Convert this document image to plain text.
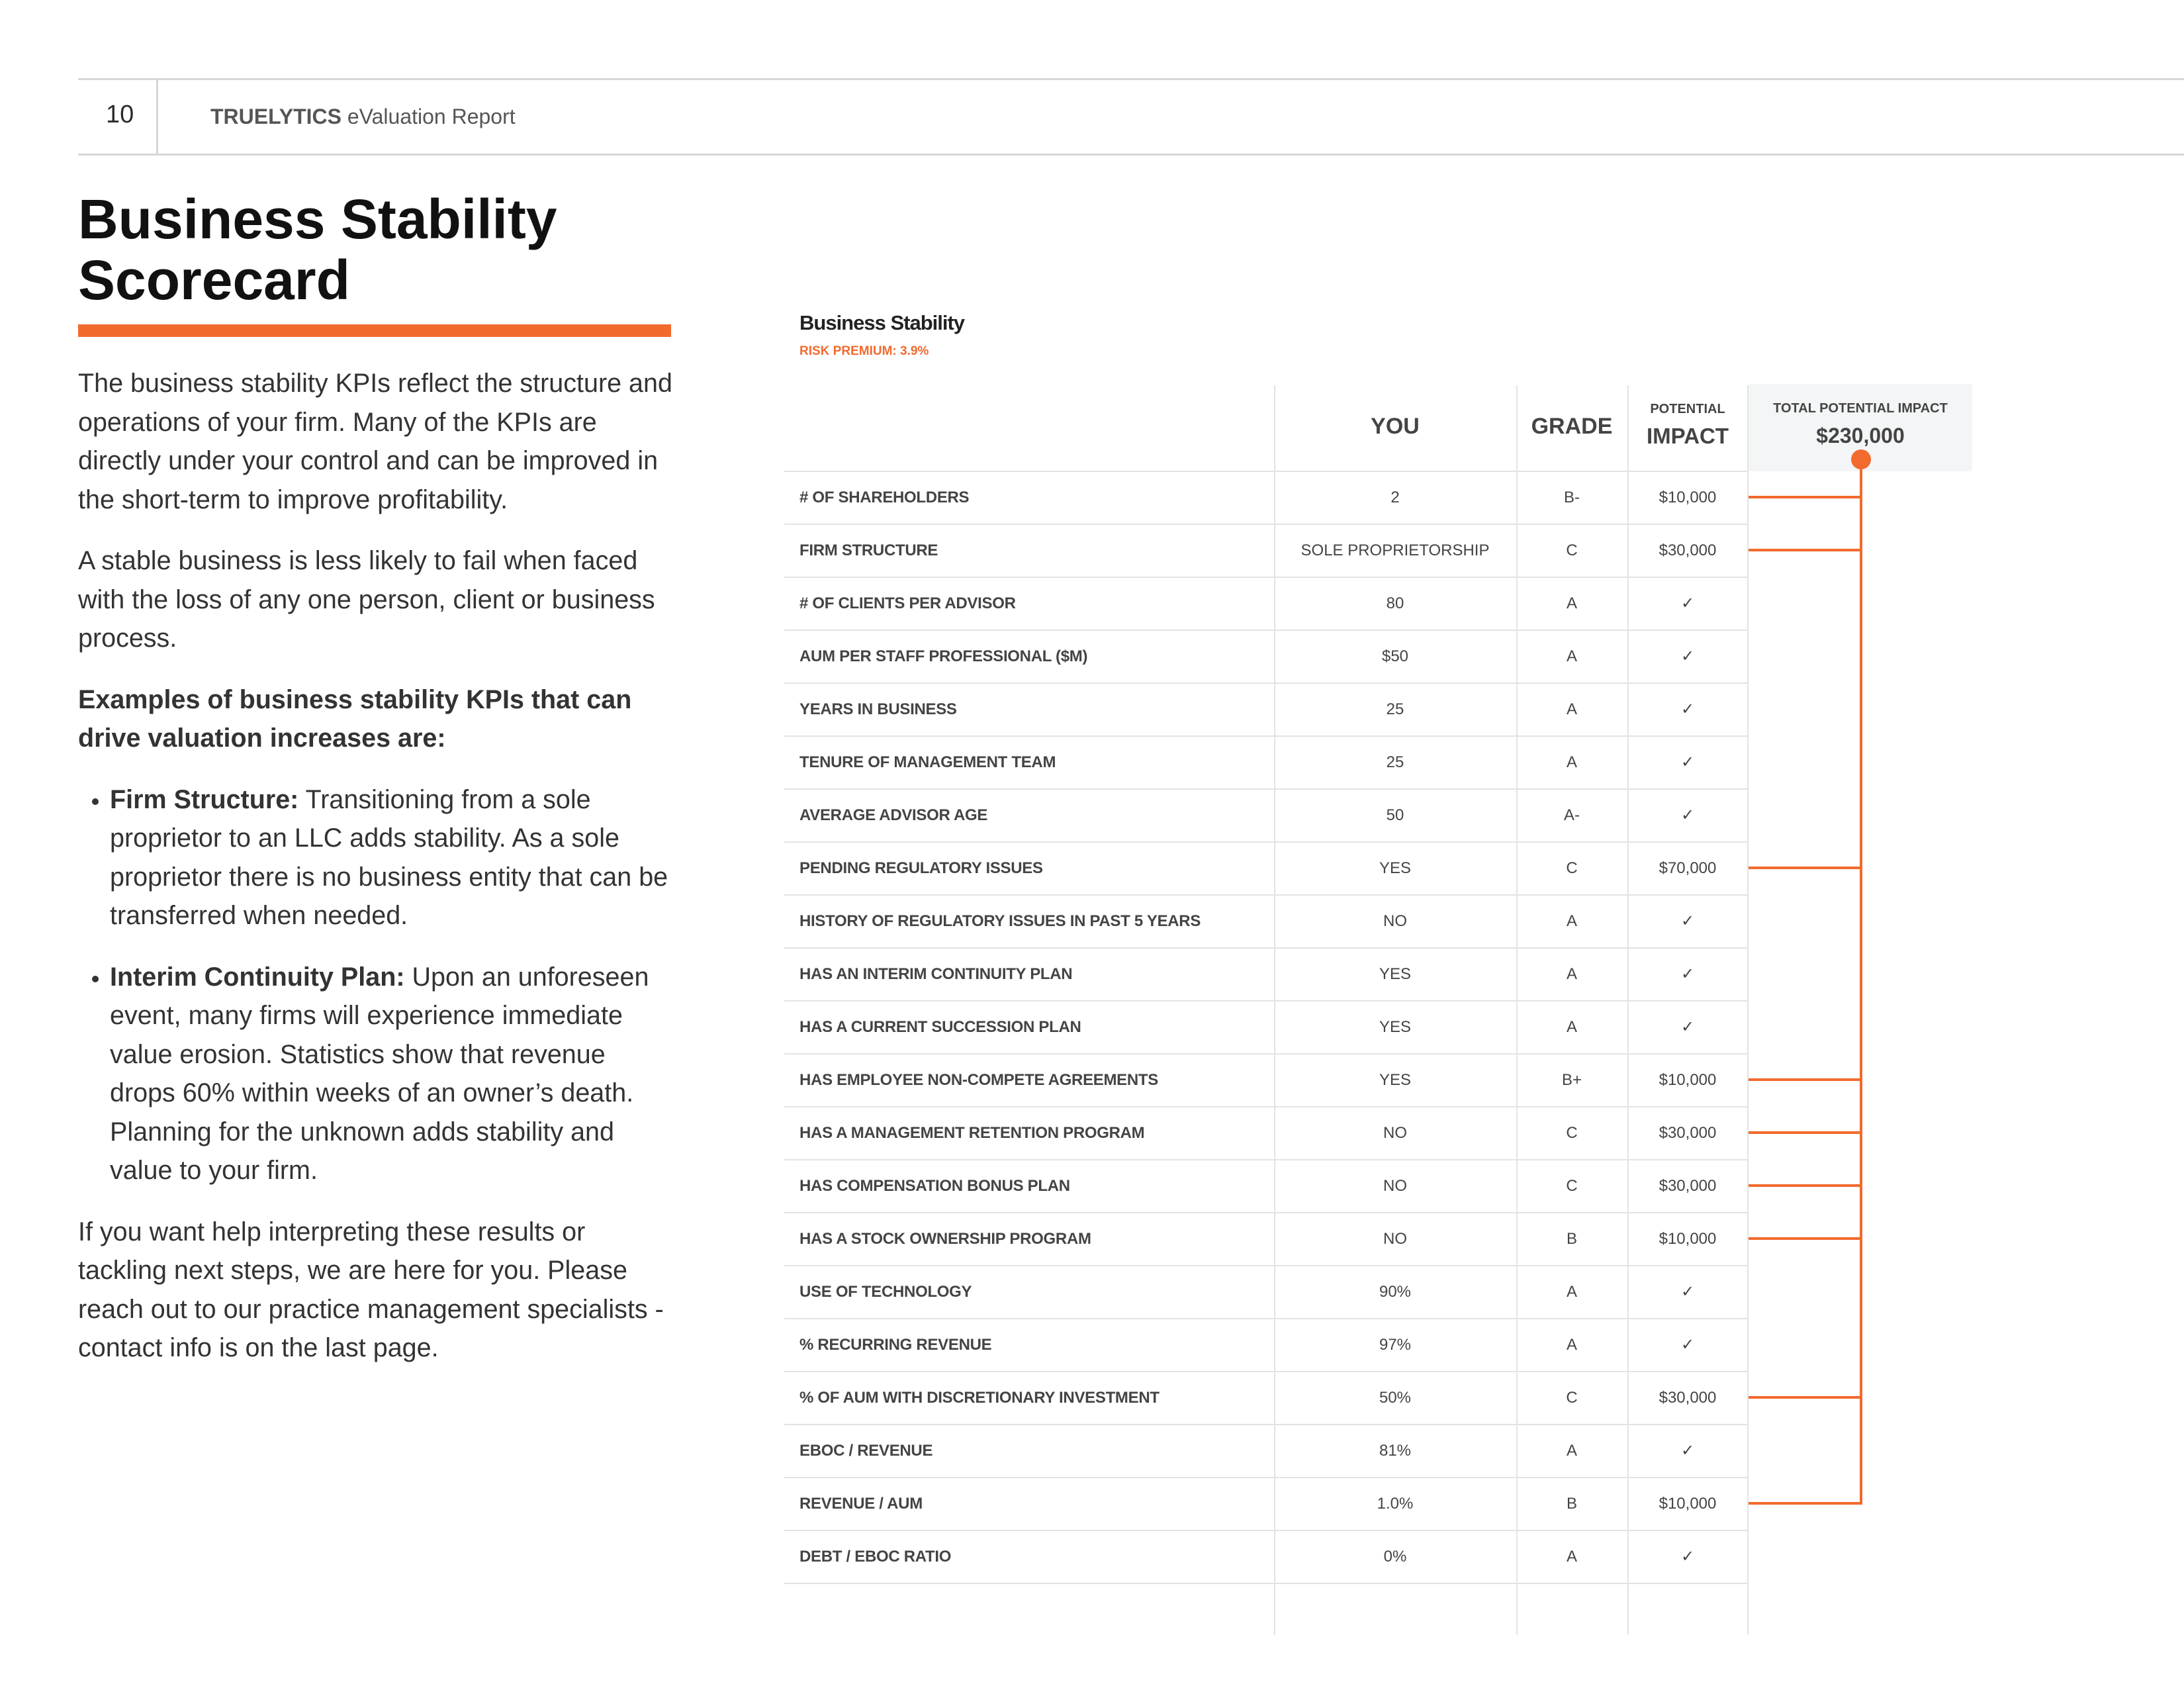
10	TRUELYTICS eValuation Report
Business Stability
Scorecard

The business stability KPIs reflect the structure and operations of your firm. Many of the KPIs are directly under your control and can be improved in the short-term to improve profitability.

A stable business is less likely to fail when faced with the loss of any one person, client or business process.

Examples of business stability KPIs that can drive valuation increases are:

• Firm Structure: Transitioning from a sole proprietor to an LLC adds stability. As a sole proprietor there is no business entity that can be transferred when needed.
• Interim Continuity Plan: Upon an unforeseen event, many firms will experience immediate value erosion. Statistics show that revenue drops 60% within weeks of an owner’s death. Planning for the unknown adds stability and value to your firm.

If you want help interpreting these results or tackling next steps, we are here for you. Please reach out to our practice management specialists - contact info is on the last page.

Business Stability
RISK PREMIUM: 3.9%
TOTAL POTENTIAL IMPACT
$230,000
YOU	GRADE
POTENTIAL
IMPACT
# OF SHAREHOLDERS	2	B-	$10,000
FIRM STRUCTURE	SOLE PROPRIETORSHIP	C	$30,000
# OF CLIENTS PER ADVISOR	80	A	✓
AUM PER STAFF PROFESSIONAL ($M)	$50	A	✓
YEARS IN BUSINESS	25	A	✓
TENURE OF MANAGEMENT TEAM	25	A	✓
AVERAGE ADVISOR AGE	50	A-	✓
PENDING REGULATORY ISSUES	YES	C	$70,000
HISTORY OF REGULATORY ISSUES IN PAST 5 YEARS	NO	A	✓
HAS AN INTERIM CONTINUITY PLAN	YES	A	✓
HAS A CURRENT SUCCESSION PLAN	YES	A	✓
HAS EMPLOYEE NON-COMPETE AGREEMENTS	YES	B+	$10,000
HAS A MANAGEMENT RETENTION PROGRAM	NO	C	$30,000
HAS COMPENSATION BONUS PLAN	NO	C	$30,000
HAS A STOCK OWNERSHIP PROGRAM	NO	B	$10,000
USE OF TECHNOLOGY	90%	A	✓
% RECURRING REVENUE	97%	A	✓
% OF AUM WITH DISCRETIONARY INVESTMENT	50%	C	$30,000
EBOC / REVENUE	81%	A	✓
REVENUE / AUM	1.0%	B	$10,000
DEBT / EBOC RATIO	0%	A	✓
